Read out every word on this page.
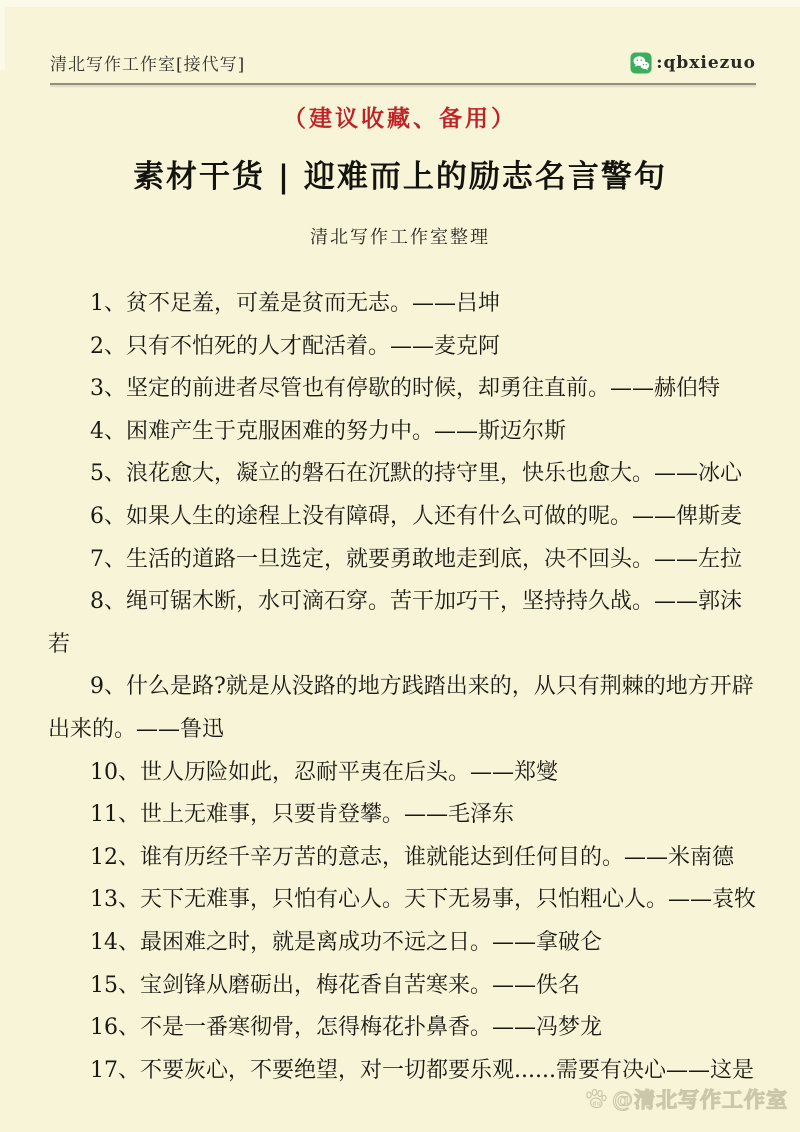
清北写作工作室[接代写]	:qbxiezuo
（建议收藏、备用）
素材干货 | 迎难而上的励志名言警句
清北写作工作室整理

1、贫不足羞，可羞是贫而无志。——吕坤

2、只有不怕死的人才配活着。——麦克阿

3、坚定的前进者尽管也有停歇的时候，却勇往直前。——赫伯特

4、困难产生于克服困难的努力中。——斯迈尔斯

5、浪花愈大，凝立的磐石在沉默的持守里，快乐也愈大。——冰心

6、如果人生的途程上没有障碍，人还有什么可做的呢。——俾斯麦

7、生活的道路一旦选定，就要勇敢地走到底，决不回头。——左拉

8、绳可锯木断，水可滴石穿。苦干加巧干，坚持持久战。——郭沫若

9、什么是路?就是从没路的地方践踏出来的，从只有荆棘的地方开辟出来的。——鲁迅

10、世人历险如此，忍耐平夷在后头。——郑燮

11、世上无难事，只要肯登攀。——毛泽东

12、谁有历经千辛万苦的意志，谁就能达到任何目的。——米南德

13、天下无难事，只怕有心人。天下无易事，只怕粗心人。——袁牧

14、最困难之时，就是离成功不远之日。——拿破仑

15、宝剑锋从磨砺出，梅花香自苦寒来。——佚名

16、不是一番寒彻骨，怎得梅花扑鼻香。——冯梦龙

17、不要灰心，不要绝望，对一切都要乐观......需要有决心——这是

du @清北写作工作室
